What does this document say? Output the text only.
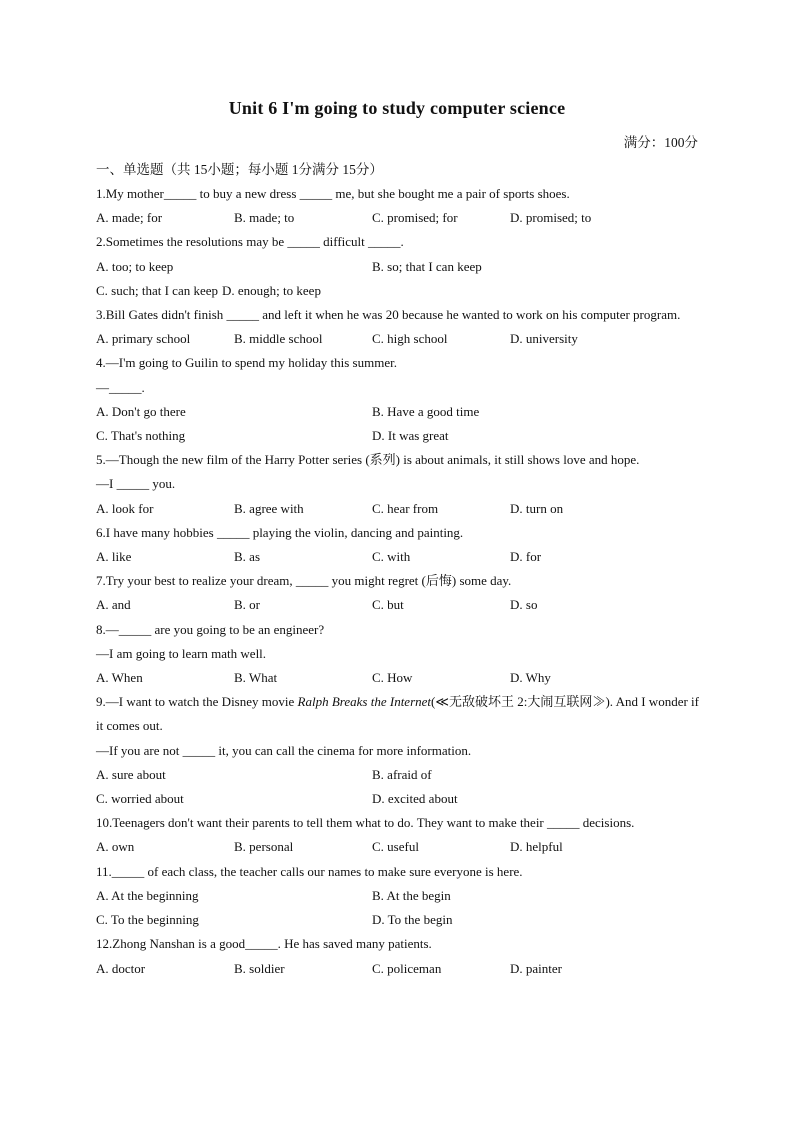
Unit 6 I'm going to study computer science
满分：100分
一、单选题（共 15小题；每小题 1分满分 15分）

1.My mother_____ to buy a new dress _____ me, but she bought me a pair of sports shoes.

A. made; for	B. made; to	C. promised; for	D. promised; to

2.Sometimes the resolutions may be _____ difficult _____.

A. too; to keep	B. so; that I can keep
C. such; that I can keep D. enough; to keep

3.Bill Gates didn't finish _____ and left it when he was 20 because he wanted to work on his computer program.

A. primary school	B. middle school	C. high school	D. university

4.—I'm going to Guilin to spend my holiday this summer.

—_____.

A. Don't go there	B. Have a good time
C. That's nothing	D. It was great

5.—Though the new film of the Harry Potter series (系列) is about animals, it still shows love and hope.

—I _____ you.

A. look for	B. agree with	C. hear from	D. turn on

6.I have many hobbies _____ playing the violin, dancing and painting.

A. like	B. as	C. with	D. for

7.Try your best to realize your dream, _____ you might regret (后悔) some day.

A. and	B. or	C. but	D. so

8.—_____ are you going to be an engineer?

—I am going to learn math well.

A. When	B. What	C. How	D. Why

9.—I want to watch the Disney movie Ralph Breaks the Internet(≪无敌破坏王 2:大闹互联网≫). And I wonder if it comes out.

—If you are not _____ it, you can call the cinema for more information.

A. sure about	B. afraid of
C. worried about	D. excited about

10.Teenagers don't want their parents to tell them what to do. They want to make their _____ decisions.

A. own	B. personal	C. useful	D. helpful

11._____ of each class, the teacher calls our names to make sure everyone is here.

A. At the beginning	B. At the begin
C. To the beginning	D. To the begin

12.Zhong Nanshan is a good_____. He has saved many patients.

A. doctor	B. soldier	C. policeman	D. painter
